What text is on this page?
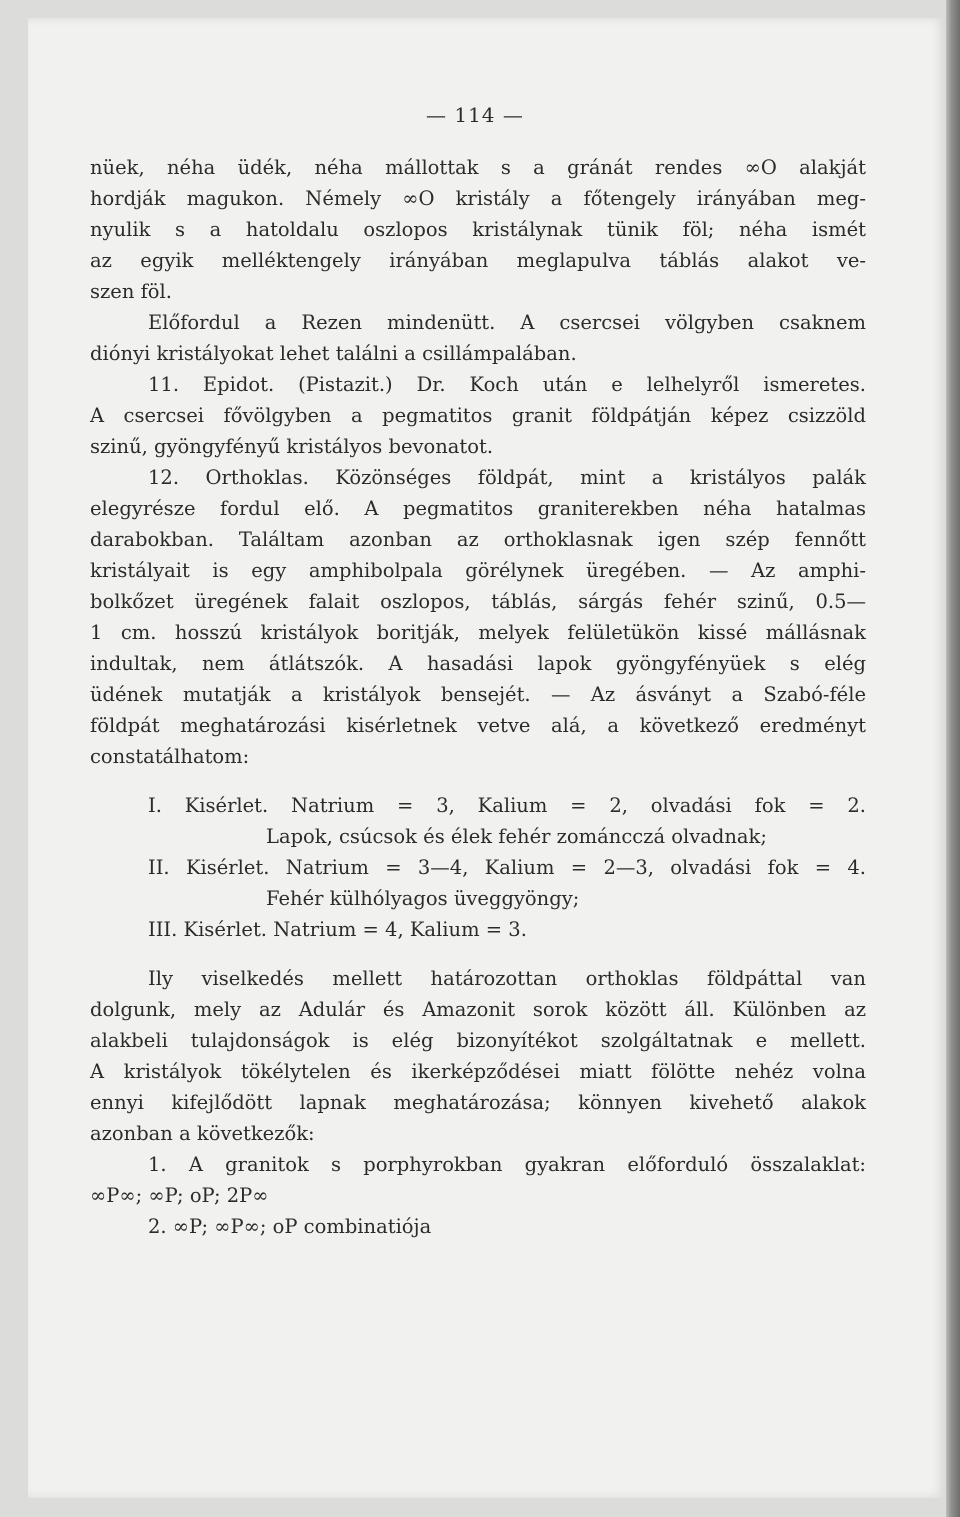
— 114 —
nüek, néha üdék, néha mállottak s a gránát rendes ∞O alakját
hordják magukon. Némely ∞O kristály a főtengely irányában meg-
nyulik s a hatoldalu oszlopos kristálynak tünik föl; néha ismét
az egyik melléktengely irányában meglapulva táblás alakot ve-
szen föl.
Előfordul a Rezen mindenütt. A csercsei völgyben csaknem
diónyi kristályokat lehet találni a csillámpalában.
11. Epidot. (Pistazit.) Dr. Koch után e lelhelyről ismeretes.
A csercsei fővölgyben a pegmatitos granit földpátján képez csizzöld
szinű, gyöngyfényű kristályos bevonatot.
12. Orthoklas. Közönséges földpát, mint a kristályos palák
elegyrésze fordul elő. A pegmatitos graniterekben néha hatalmas
darabokban. Találtam azonban az orthoklasnak igen szép fennőtt
kristályait is egy amphibolpala görélynek üregében. — Az amphi-
bolkőzet üregének falait oszlopos, táblás, sárgás fehér szinű, 0.5—
1 cm. hosszú kristályok boritják, melyek felületükön kissé mállásnak
indultak, nem átlátszók. A hasadási lapok gyöngyfényüek s elég
üdének mutatják a kristályok bensejét. — Az ásványt a Szabó-féle
földpát meghatározási kisérletnek vetve alá, a következő eredményt
constatálhatom:
I. Kisérlet. Natrium = 3, Kalium = 2, olvadási fok = 2.
Lapok, csúcsok és élek fehér zománcczá olvadnak;
II. Kisérlet. Natrium = 3—4, Kalium = 2—3, olvadási fok = 4.
Fehér külhólyagos üveggyöngy;
III. Kisérlet. Natrium = 4, Kalium = 3.
Ily viselkedés mellett határozottan orthoklas földpáttal van
dolgunk, mely az Adulár és Amazonit sorok között áll. Különben az
alakbeli tulajdonságok is elég bizonyítékot szolgáltatnak e mellett.
A kristályok tökélytelen és ikerképződései miatt fölötte nehéz volna
ennyi kifejlődött lapnak meghatározása; könnyen kivehető alakok
azonban a következők:
1. A granitok s porphyrokban gyakran előforduló összalaklat:
∞P∞; ∞P; oP; 2P∞
2. ∞P; ∞P∞; oP combinatiója
